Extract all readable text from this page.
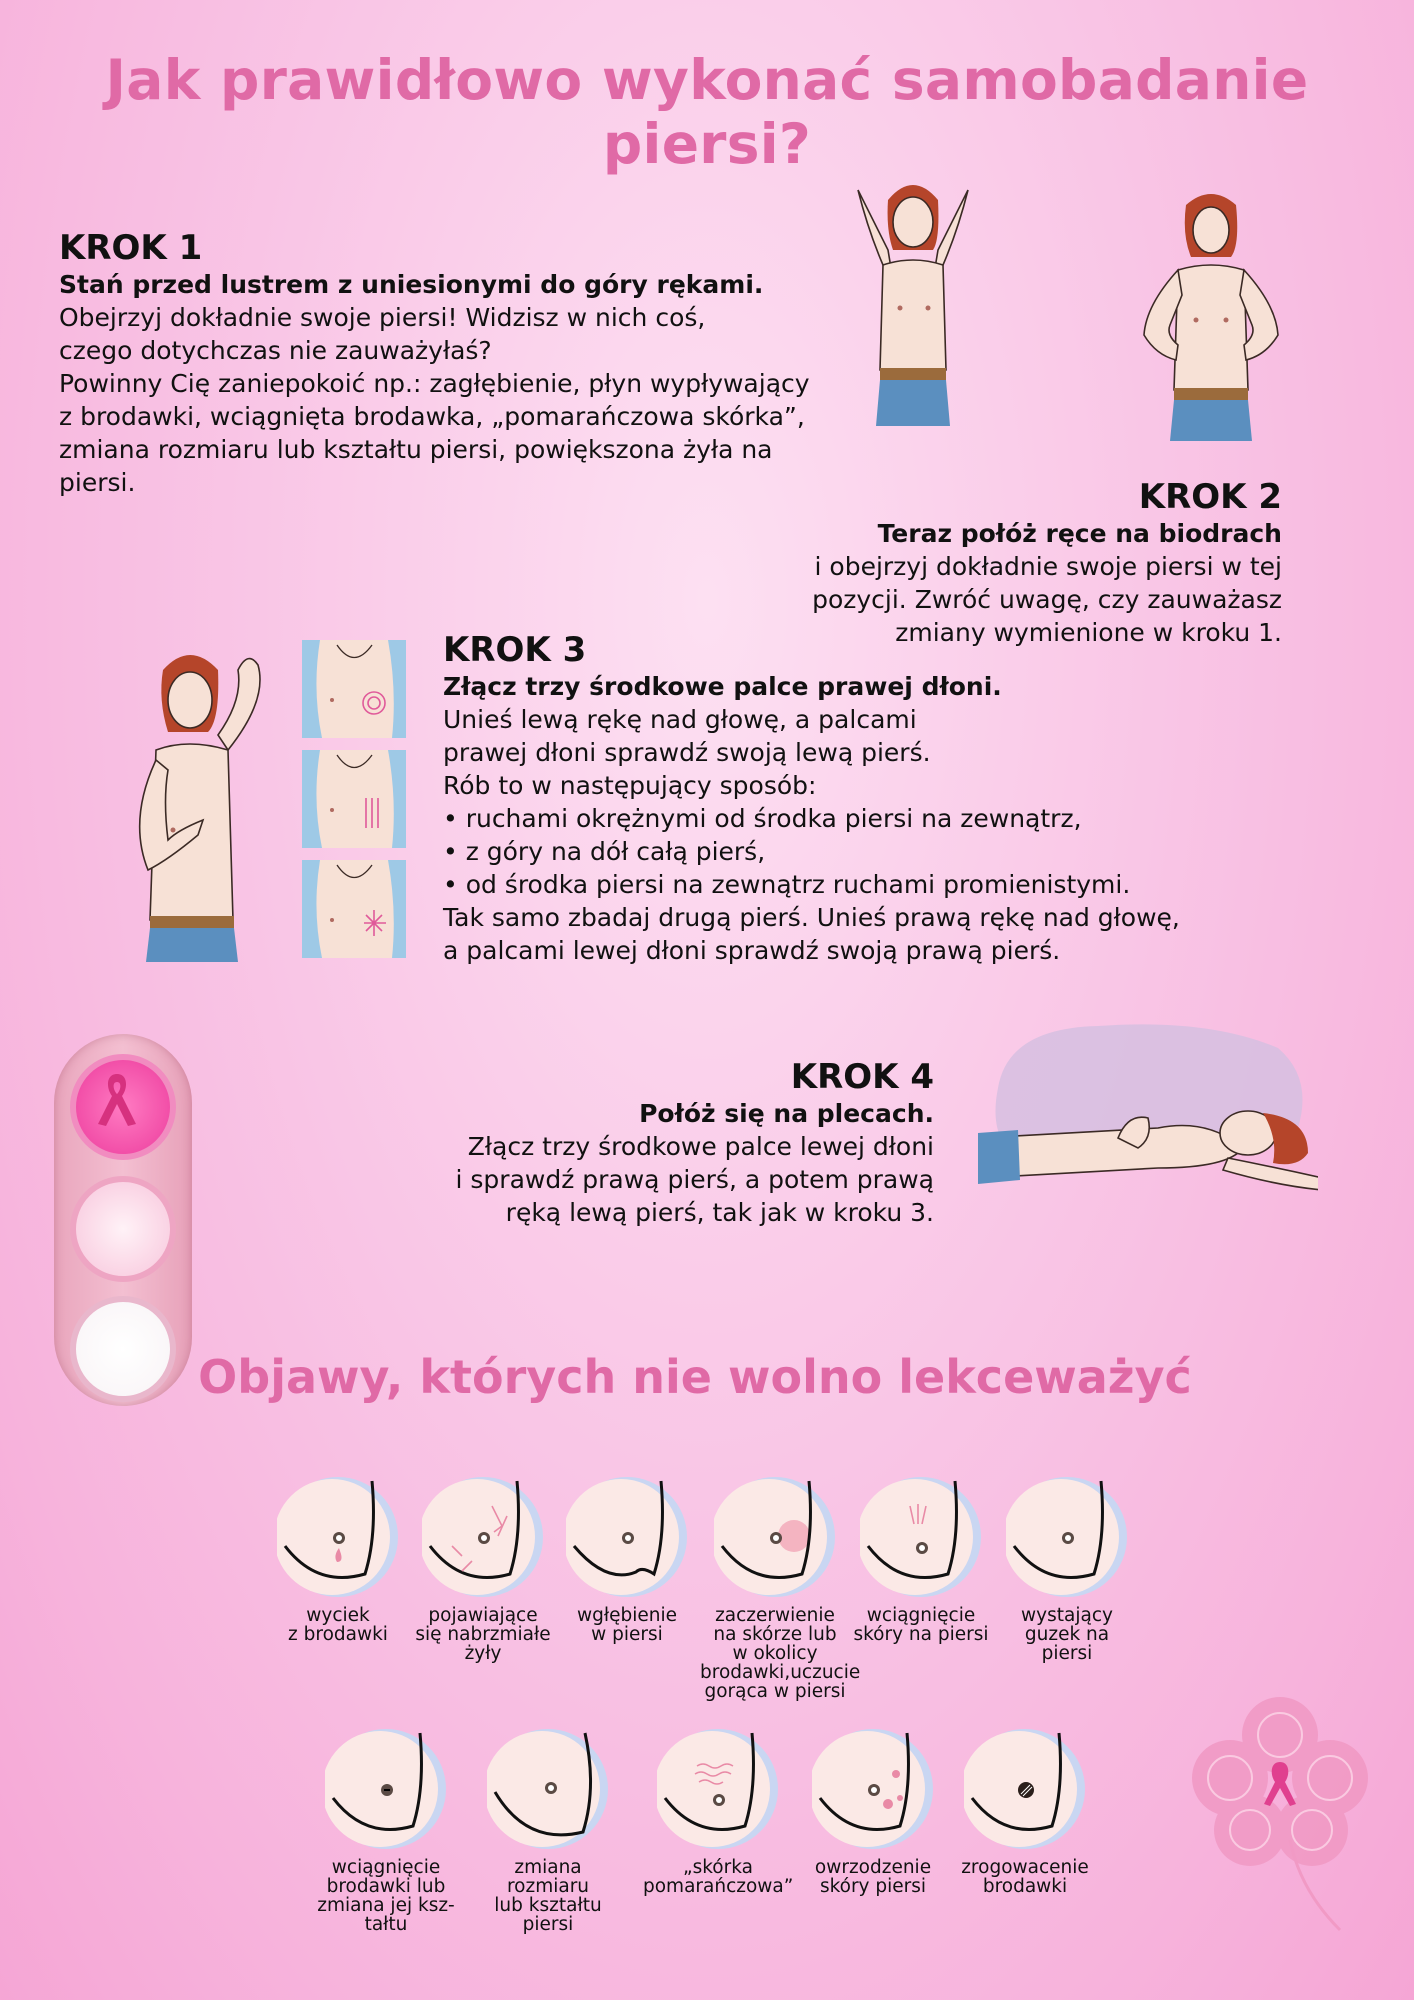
Jak prawidłowo wykonać samobadanie piersi?
KROK 1
Stań przed lustrem z uniesionymi do góry rękami.

Obejrzyj dokładnie swoje piersi! Widzisz w nich coś, czego dotychczas nie zauważyłaś?

Powinny Cię zaniepokoić np.: zagłębienie, płyn wypływający z brodawki, wciągnięta brodawka, „pomarańczowa skórka”, zmiana rozmiaru lub kształtu piersi, powiększona żyła na piersi.	KROK 2
Teraz połóż ręce na biodrach
i obejrzyj dokładnie swoje piersi w tej pozycji. Zwróć uwagę, czy zauważasz zmiany wymienione w kroku 1.
KROK 3
Złącz trzy środkowe palce prawej dłoni.

Unieś lewą rękę nad głowę, a palcami

prawej dłoni sprawdź swoją lewą pierś.

Rób to w następujący sposób:

• ruchami okrężnymi od środka piersi na zewnątrz,

• z góry na dół całą pierś,

• od środka piersi na zewnątrz ruchami promienistymi.

Tak samo zbadaj drugą pierś. Unieś prawą rękę nad głowę,

a palcami lewej dłoni sprawdź swoją prawą pierś.

KROK 4
Połóż się na plecach.

Złącz trzy środkowe palce lewej dłoni

i sprawdź prawą pierś, a potem prawą

ręką lewą pierś, tak jak w kroku 3.

Objawy, których nie wolno lekceważyć
wyciek
z brodawki
pojawiające
się nabrzmiałe
żyły
wgłębienie
w piersi
zaczerwienie
na skórze lub
w okolicy
brodawki,uczucie
gorąca w piersi
wciągnięcie
skóry na piersi
wystający
guzek na
piersi
wciągnięcie
brodawki lub
zmiana jej ksz-
tałtu
zmiana
rozmiaru
lub kształtu
piersi
„skórka
pomarańczowa”
owrzodzenie
skóry piersi
zrogowacenie
brodawki
